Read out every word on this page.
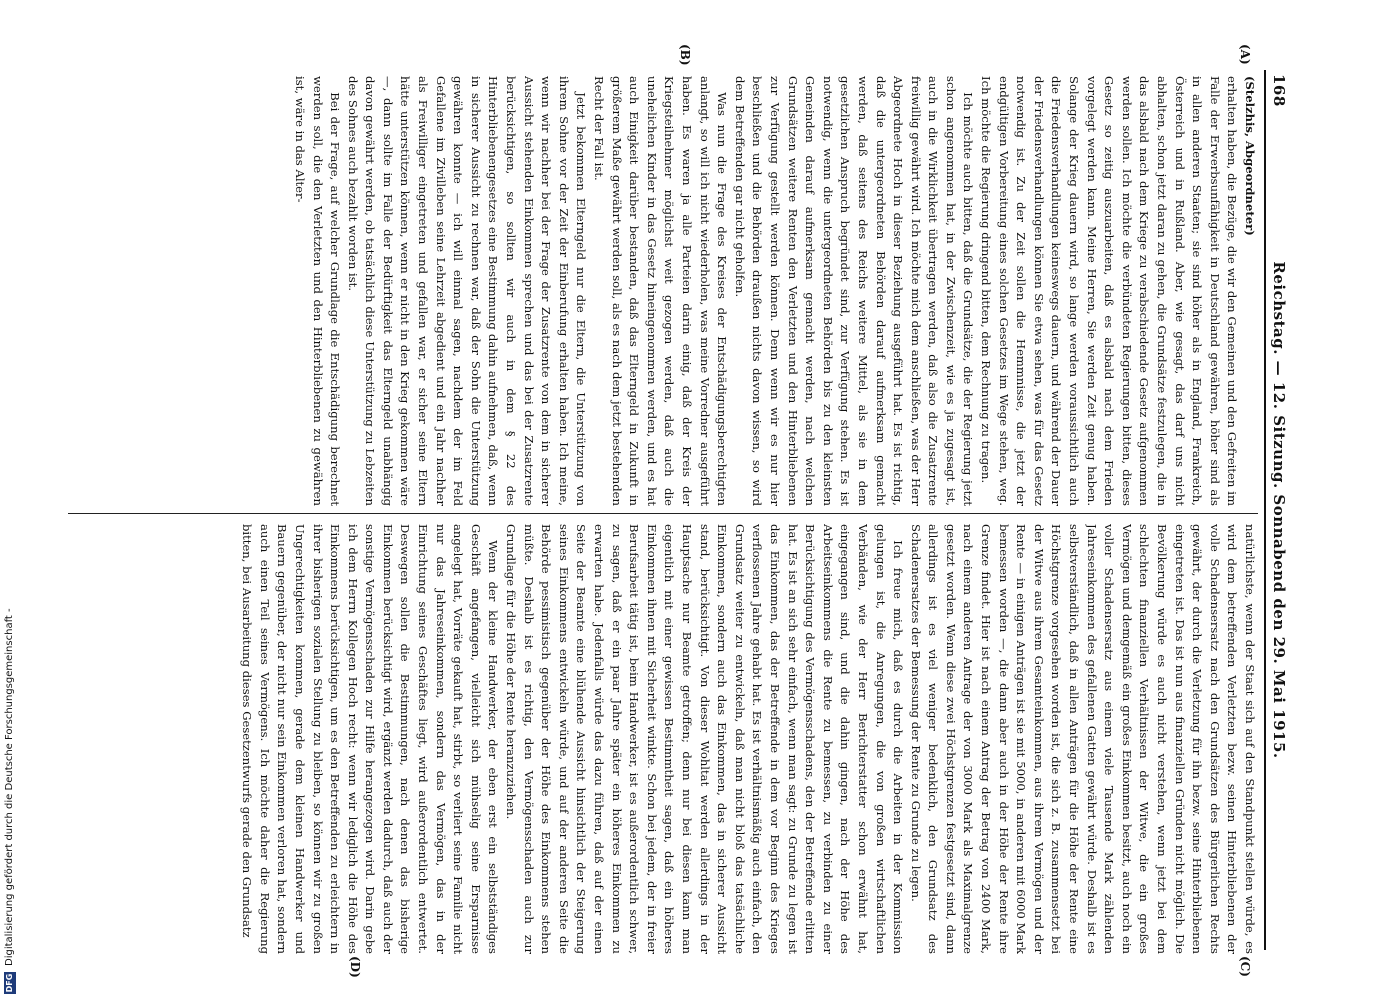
168
Reichstag. — 12. Sitzung. Sonnabend den 29. Mai 1915.

(Stelzhis, Abgeordneter)

erhalten haben, die Bezüge, die wir den Gemeinen und den Gefreiten im Falle der Erwerbsunfähigkeit in Deutschland gewähren, höher sind als in allen anderen Staaten; sie sind höher als in England, Frankreich, Österreich und in Rußland. Aber, wie gesagt, das darf uns nicht abhalten, schon jetzt daran zu gehen, die Grundsätze festzulegen, die in das alsbald nach dem Kriege zu verabschiedende Gesetz aufgenommen werden sollen. Ich möchte die verbündeten Regierungen bitten, dieses Gesetz so zeitig auszuarbeiten, daß es alsbald nach dem Frieden vorgelegt werden kann. Meine Herren, Sie werden Zeit genug haben. Solange der Krieg dauern wird, so lange werden voraussichtlich auch die Friedensverhandlungen keineswegs dauern, und während der Dauer der Friedensverhandlungen können Sie etwa sehen, was für das Gesetz notwendig ist. Zu der Zeit sollen die Hemmnisse, die jetzt der endgültigen Vorbereitung eines solchen Gesetzes im Wege stehen, weg. Ich möchte die Regierung dringend bitten, dem Rechnung zu tragen.

Ich möchte auch bitten, daß die Grundsätze, die der Regierung jetzt schon angenommen hat, in der Zwischenzeit, wie es ja zugesagt ist, auch in die Wirklichkeit übertragen werden, daß also die Zusatzrente freiwillig gewährt wird. Ich möchte mich dem anschließen, was der Herr Abgeordnete Hoch in dieser Beziehung ausgeführt hat. Es ist richtig, daß die untergeordneten Behörden darauf aufmerksam gemacht werden, daß seitens des Reichs weitere Mittel, als sie in dem gesetzlichen Anspruch begründet sind, zur Verfügung stehen. Es ist notwendig, wenn die untergeordneten Behörden bis zu den kleinsten Gemeinden darauf aufmerksam gemacht werden, nach welchen Grundsätzen weitere Renten den Verletzten und den Hinterbliebenen zur Verfügung gestellt werden können. Denn wenn wir es nur hier beschließen und die Behörden draußen nichts davon wissen, so wird dem Betreffenden gar nicht geholfen.

Was nun die Frage des Kreises der Entschädigungsberechtigten anlangt, so will ich nicht wiederholen, was meine Vorredner ausgeführt haben. Es waren ja alle Parteien darin einig, daß der Kreis der Kriegsteilnehmer möglichst weit gezogen werden, daß auch die unehelichen Kinder in das Gesetz hineingenommen werden, und es hat auch Einigkeit darüber bestanden, daß das Elterngeld in Zukunft in größerem Maße gewährt werden soll, als es nach dem jetzt bestehenden Recht der Fall ist.

Jetzt bekommen Elterngeld nur die Eltern, die Unterstützung von ihrem Sohne vor der Zeit der Einberufung erhalten haben. Ich meine, wenn wir nachher bei der Frage der Zusatzrente von dem in sicherer Aussicht stehenden Einkommen sprechen und das bei der Zusatzrente berücksichtigen, so sollten wir auch in dem § 22 des Hinterbliebenengesetzes eine Bestimmung dahin aufnehmen, daß, wenn in sicherer Aussicht zu rechnen war, daß der Sohn die Unterstützung gewähren konnte — ich will einmal sagen, nachdem der im Feld Gefallene im Zivilleben seine Lehrzeit abgedient und ein Jahr nachher als Freiwilliger eingetreten und gefallen war, er sicher seine Eltern hätte unterstützen können, wenn er nicht in den Krieg gekommen wäre —, dann sollte im Falle der Bedürftigkeit das Elterngeld unabhängig davon gewährt werden, ob tatsächlich diese Unterstützung zu Lebzeiten des Sohnes auch bezahlt worden ist.

Bei der Frage, auf welcher Grundlage die Entschädigung berechnet werden soll, die den Verletzten und den Hinterbliebenen zu gewähren ist, wäre in das Alter-

natürlichste, wenn der Staat sich auf den Standpunkt stellen würde, es wird dem betreffenden Verletzten bezw. seinen Hinterbliebenen der volle Schadensersatz nach den Grundsätzen des Bürgerlichen Rechts gewährt, der durch die Verletzung für ihn bezw. seine Hinterbliebenen eingetreten ist. Das ist nun aus finanziellen Gründen nicht möglich. Die Bevölkerung würde es auch nicht verstehen, wenn jetzt bei dem schlechten finanziellen Verhältnissen der Witwe, die ein großes Vermögen und demgemäß ein großes Einkommen besitzt, auch noch ein voller Schadensersatz aus einem viele Tausende Mark zählenden Jahreseinkommen des gefallenen Gatten gewährt würde. Deshalb ist es selbstverständlich, daß in allen Anträgen für die Höhe der Rente eine Höchstgrenze vorgesehen worden ist, die sich z. B. zusammensetzt bei der Witwe aus ihrem Gesamteinkommen, aus ihrem Vermögen und der Rente — in einigen Anträgen ist sie mit 5000, in anderen mit 6000 Mark bemessen worden —, die dann aber auch in der Höhe der Rente ihre Grenze findet. Hier ist nach einem Antrag der Betrag von 2400 Mark, nach einem anderen Antrage der von 3000 Mark als Maximalgrenze gesetzt worden. Wenn diese zwei Höchstgrenzen festgesetzt sind, dann allerdings ist es viel weniger bedenklich, den Grundsatz des Schadenersatzes der Bemessung der Rente zu Grunde zu legen.

Ich freue mich, daß es durch die Arbeiten in der Kommission gelungen ist, die Anregungen, die von großen wirtschaftlichen Verbänden, wie der Herr Berichterstatter schon erwähnt hat, eingegangen sind, und die dahin gingen, nach der Höhe des Arbeitseinkommens die Rente zu bemessen, zu verbinden zu einer Berücksichtigung des Vermögensschadens, den der Betreffende erlitten hat. Es ist an sich sehr einfach, wenn man sagt: zu Grunde zu legen ist das Einkommen, das der Betreffende in dem vor Beginn des Krieges verflossenen Jahre gehabt hat. Es ist verhältnismäßig auch einfach, den Grundsatz weiter zu entwickeln, daß man nicht bloß das tatsächliche Einkommen, sondern auch das Einkommen, das in sicherer Aussicht stand, berücksichtigt. Von dieser Wohltat werden allerdings in der Hauptsache nur Beamte getroffen; denn nur bei diesen kann man eigentlich mit einer gewissen Bestimmtheit sagen, daß ein höheres Einkommen ihnen mit Sicherheit winkte. Schon bei jedem, der in freier Berufsarbeit tätig ist, beim Handwerker, ist es außerordentlich schwer, zu sagen, daß er ein paar Jahre später ein höheres Einkommen zu erwarten habe. Jedenfalls würde das dazu führen, daß auf der einen Seite der Beamte eine blühende Aussicht hinsichtlich der Steigerung seines Einkommens entwickeln würde, und auf der anderen Seite die Behörde pessimistisch gegenüber der Höhe des Einkommens stehen müßte. Deshalb ist es richtig, den Vermögensschaden auch zur Grundlage für die Höhe der Rente heranzuziehen.

Wenn der kleine Handwerker, der eben erst ein selbstständiges Geschäft angefangen, vielleicht sich mühselig seine Ersparnisse angelegt hat, Vorräte gekauft hat, stirbt, so verliert seine Familie nicht nur das Jahreseinkommen, sondern das Vermögen, das in der Einrichtung seines Geschäftes liegt, wird außerordentlich entwertet. Deswegen sollen die Bestimmungen, nach denen das bisherige Einkommen berücksichtigt wird, ergänzt werden dadurch, daß auch der sonstige Vermögensschaden zur Hilfe herangezogen wird. Darin gebe ich dem Herrn Kollegen Hoch recht: wenn wir lediglich die Höhe des Einkommens berücksichtigen, um es den Betreffenden zu erleichtern in ihrer bisherigen sozialen Stellung zu bleiben, so können wir zu großen Ungerechtigkeiten kommen, gerade dem kleinen Handwerker und Bauern gegenüber, der nicht nur sein Einkommen verloren hat, sondern auch einen Teil seines Vermögens. Ich möchte daher die Regierung bitten, bei Ausarbeitung dieses Gesetzentwurfs gerade den Grundsatz

(A)
(B)
(C)
(D)
DFG
Digitalisierung gefördert durch die Deutsche Forschungsgemeinschaft -
